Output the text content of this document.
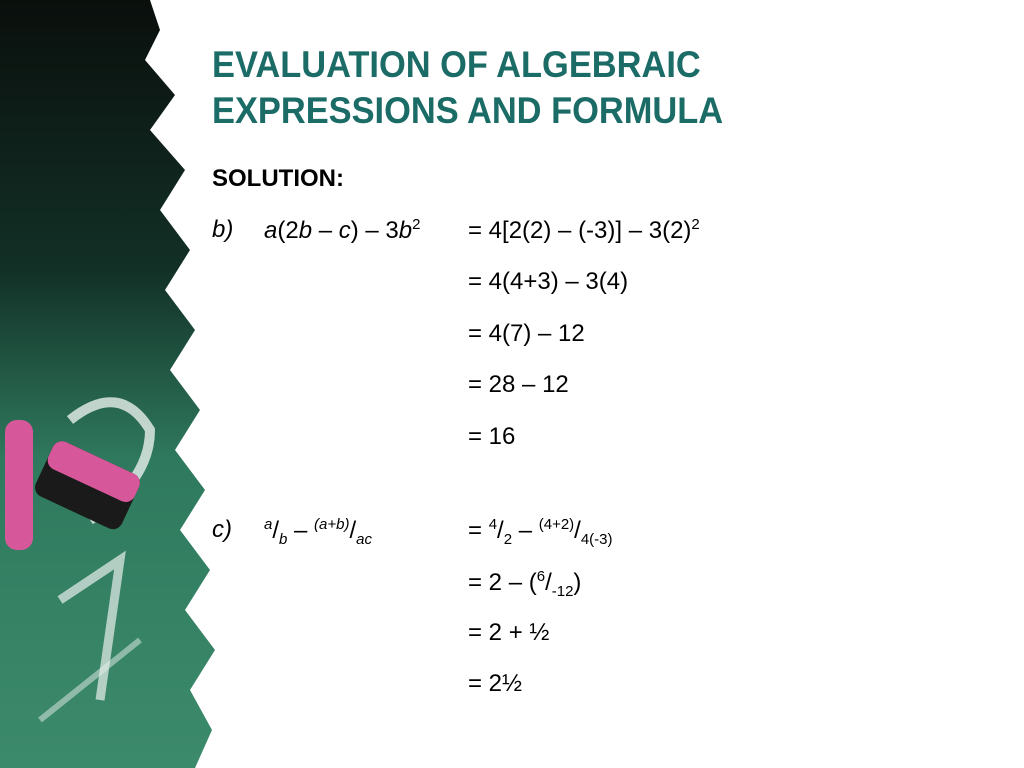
EVALUATION OF ALGEBRAIC
EXPRESSIONS AND FORMULA
SOLUTION:
b) $a(2b - c) - 3b^2 = 4[2(2) - (-3)] - 3(2)^2$
= 4(4+3) – 3(4)
= 4(7) – 12
= 28 – 12
= 16
c) $^a/_b - ^{(a+b)}/_{ac}$	= $^4/_2 - ^{(4+2)}/_{4(-3)}$
= $2 - (^6/_{-12})$
= 2 + ½
= 2½
